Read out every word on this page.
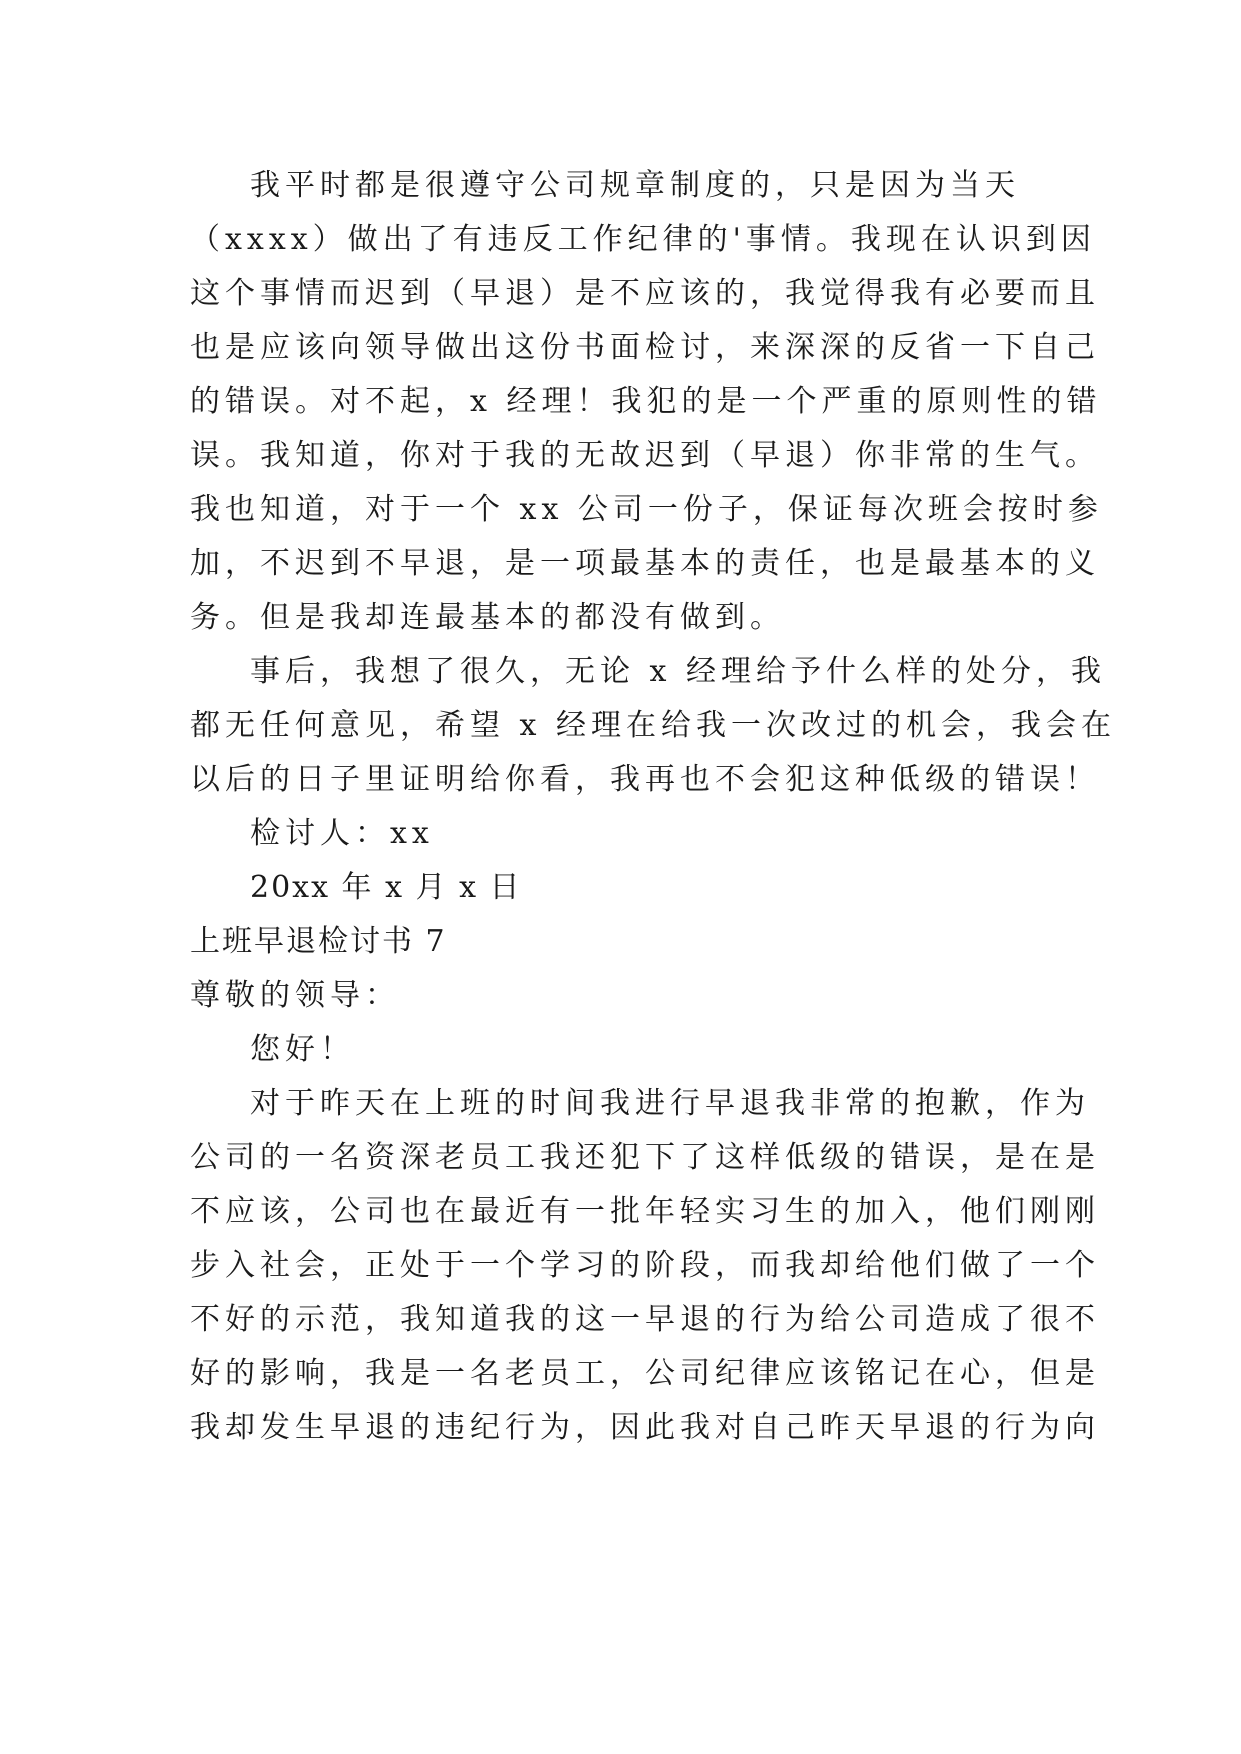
我平时都是很遵守公司规章制度的，只是因为当天
（xxxx）做出了有违反工作纪律的'事情。我现在认识到因
这个事情而迟到（早退）是不应该的，我觉得我有必要而且
也是应该向领导做出这份书面检讨，来深深的反省一下自己
的错误。对不起，x 经理！我犯的是一个严重的原则性的错
误。我知道，你对于我的无故迟到（早退）你非常的生气。
我也知道，对于一个 xx 公司一份子，保证每次班会按时参
加，不迟到不早退，是一项最基本的责任，也是最基本的义
务。但是我却连最基本的都没有做到。
事后，我想了很久，无论 x 经理给予什么样的处分，我
都无任何意见，希望 x 经理在给我一次改过的机会，我会在
以后的日子里证明给你看，我再也不会犯这种低级的错误！
检讨人：xx
20xx 年 x 月 x 日
上班早退检讨书 7
尊敬的领导：
您好！
对于昨天在上班的时间我进行早退我非常的抱歉，作为
公司的一名资深老员工我还犯下了这样低级的错误，是在是
不应该，公司也在最近有一批年轻实习生的加入，他们刚刚
步入社会，正处于一个学习的阶段，而我却给他们做了一个
不好的示范，我知道我的这一早退的行为给公司造成了很不
好的影响，我是一名老员工，公司纪律应该铭记在心，但是
我却发生早退的违纪行为，因此我对自己昨天早退的行为向
